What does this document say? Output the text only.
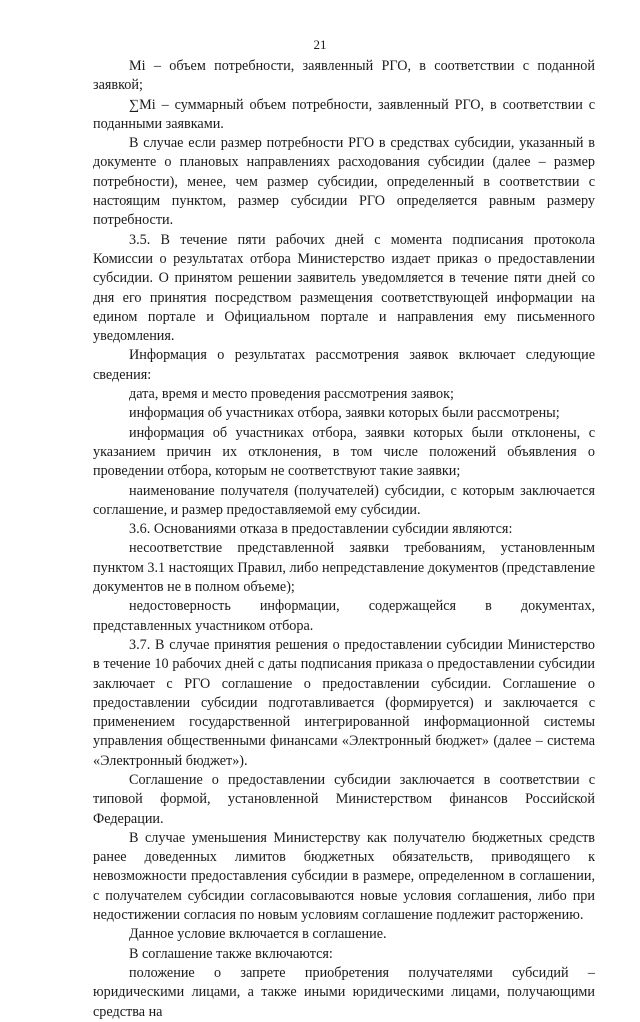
21

Mi – объем потребности, заявленный РГО, в соответствии с поданной заявкой;

∑Mi – суммарный объем потребности, заявленный РГО, в соответствии с поданными заявками.

В случае если размер потребности РГО в средствах субсидии, указанный в документе о плановых направлениях расходования субсидии (далее – размер потребности), менее, чем размер субсидии, определенный в соответствии с настоящим пунктом, размер субсидии РГО определяется равным размеру потребности.

3.5. В течение пяти рабочих дней с момента подписания протокола Комиссии о результатах отбора Министерство издает приказ о предоставлении субсидии. О принятом решении заявитель уведомляется в течение пяти дней со дня его принятия посредством размещения соответствующей информации на едином портале и Официальном портале и направления ему письменного уведомления.

Информация о результатах рассмотрения заявок включает следующие сведения:

дата, время и место проведения рассмотрения заявок;

информация об участниках отбора, заявки которых были рассмотрены;

информация об участниках отбора, заявки которых были отклонены, с указанием причин их отклонения, в том числе положений объявления о проведении отбора, которым не соответствуют такие заявки;

наименование получателя (получателей) субсидии, с которым заключается соглашение, и размер предоставляемой ему субсидии.

3.6. Основаниями отказа в предоставлении субсидии являются:

несоответствие представленной заявки требованиям, установленным пунктом 3.1 настоящих Правил, либо непредставление документов (представление документов не в полном объеме);

недостоверность информации, содержащейся в документах, представленных участником отбора.

3.7. В случае принятия решения о предоставлении субсидии Министерство в течение 10 рабочих дней с даты подписания приказа о предоставлении субсидии заключает с РГО соглашение о предоставлении субсидии. Соглашение о предоставлении субсидии подготавливается (формируется) и заключается с применением государственной интегрированной информационной системы управления общественными финансами «Электронный бюджет» (далее – система «Электронный бюджет»).

Соглашение о предоставлении субсидии заключается в соответствии с типовой формой, установленной Министерством финансов Российской Федерации.

В случае уменьшения Министерству как получателю бюджетных средств ранее доведенных лимитов бюджетных обязательств, приводящего к невозможности предоставления субсидии в размере, определенном в соглашении, с получателем субсидии согласовываются новые условия соглашения, либо при недостижении согласия по новым условиям соглашение подлежит расторжению.

Данное условие включается в соглашение.

В соглашение также включаются:

положение о запрете приобретения получателями субсидий – юридическими лицами, а также иными юридическими лицами, получающими средства на
